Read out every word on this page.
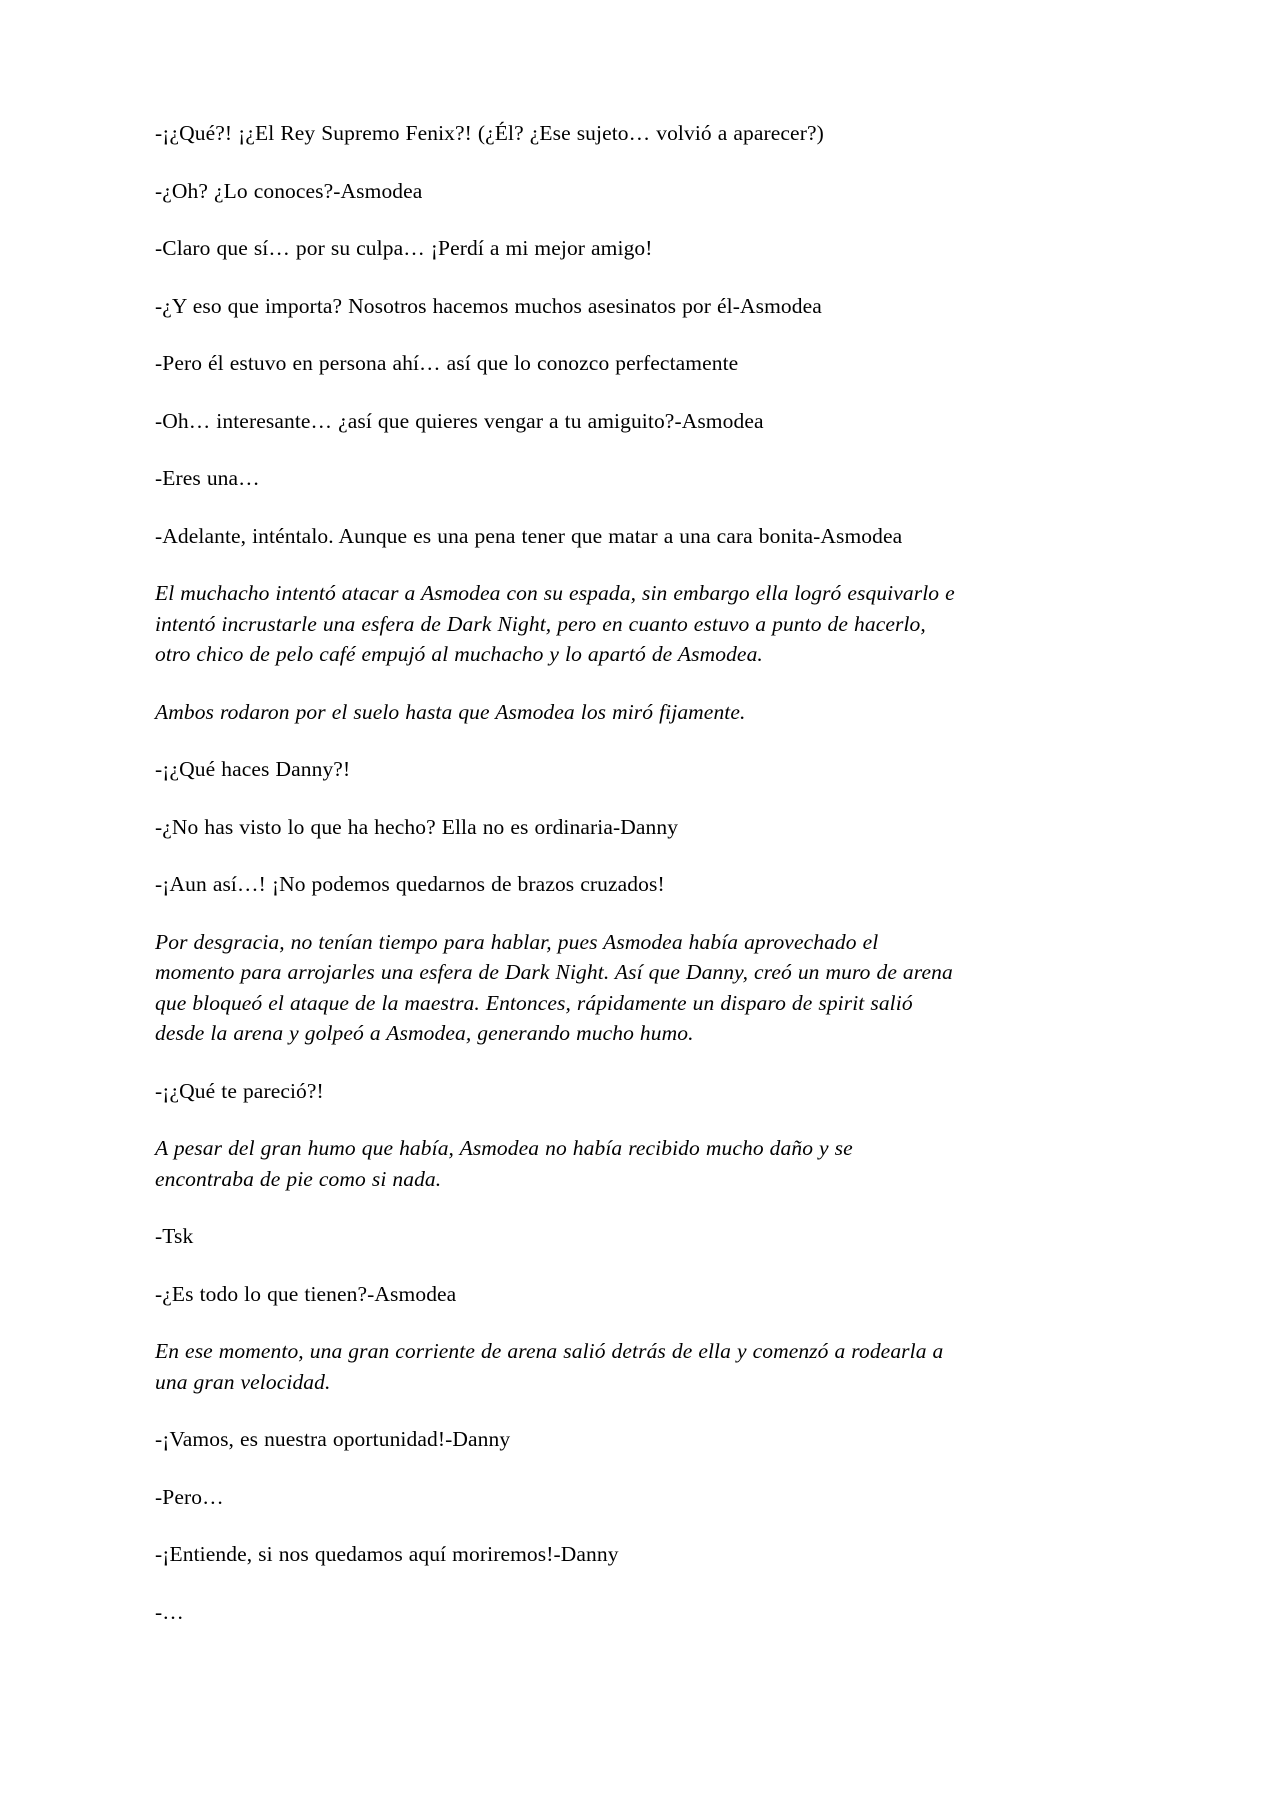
-¡¿Qué?! ¡¿El Rey Supremo Fenix?! (¿Él? ¿Ese sujeto… volvió a aparecer?)

-¿Oh? ¿Lo conoces?-Asmodea

-Claro que sí… por su culpa… ¡Perdí a mi mejor amigo!

-¿Y eso que importa? Nosotros hacemos muchos asesinatos por él-Asmodea

-Pero él estuvo en persona ahí… así que lo conozco perfectamente

-Oh… interesante… ¿así que quieres vengar a tu amiguito?-Asmodea

-Eres una…

-Adelante, inténtalo. Aunque es una pena tener que matar a una cara bonita-Asmodea

El muchacho intentó atacar a Asmodea con su espada, sin embargo ella logró esquivarlo e intentó incrustarle una esfera de Dark Night, pero en cuanto estuvo a punto de hacerlo, otro chico de pelo café empujó al muchacho y lo apartó de Asmodea.

Ambos rodaron por el suelo hasta que Asmodea los miró fijamente.

-¡¿Qué haces Danny?!

-¿No has visto lo que ha hecho? Ella no es ordinaria-Danny

-¡Aun así…! ¡No podemos quedarnos de brazos cruzados!

Por desgracia, no tenían tiempo para hablar, pues Asmodea había aprovechado el momento para arrojarles una esfera de Dark Night. Así que Danny, creó un muro de arena que bloqueó el ataque de la maestra. Entonces, rápidamente un disparo de spirit salió desde la arena y golpeó a Asmodea, generando mucho humo.

-¡¿Qué te pareció?!

A pesar del gran humo que había, Asmodea no había recibido mucho daño y se encontraba de pie como si nada.

-Tsk

-¿Es todo lo que tienen?-Asmodea

En ese momento, una gran corriente de arena salió detrás de ella y comenzó a rodearla a una gran velocidad.

-¡Vamos, es nuestra oportunidad!-Danny

-Pero…

-¡Entiende, si nos quedamos aquí moriremos!-Danny

-…
